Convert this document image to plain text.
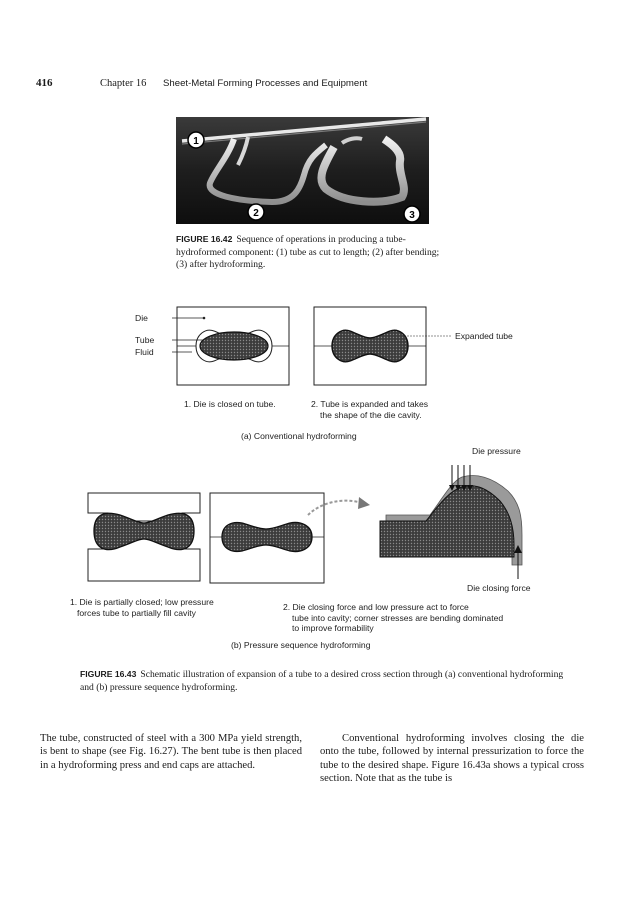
416	Chapter 16 Sheet-Metal Forming Processes and Equipment
1
2	3
FIGURE 16.42 Sequence of operations in producing a tube-hydroformed component: (1) tube as cut to length; (2) after bending; (3) after hydroforming.
Die
Tube
Fluid
Expanded tube
1. Die is closed on tube.	2. Tube is expanded and takes
the shape of the die cavity.
(a) Conventional hydroforming
Die pressure
Die closing force
1. Die is partially closed; low pressure
forces tube to partially fill cavity
2. Die closing force and low pressure act to force
tube into cavity; corner stresses are bending dominated
to improve formability
(b) Pressure sequence hydroforming
FIGURE 16.43 Schematic illustration of expansion of a tube to a desired cross section through (a) conventional hydroforming and (b) pressure sequence hydroforming.
The tube, constructed of steel with a 300 MPa yield strength, is bent to shape (see Fig. 16.27). The bent tube is then placed in a hydroforming press and end caps are attached.
Conventional hydroforming involves closing the die onto the tube, followed by internal pressurization to force the tube to the desired shape. Figure 16.43a shows a typical cross section. Note that as the tube is
